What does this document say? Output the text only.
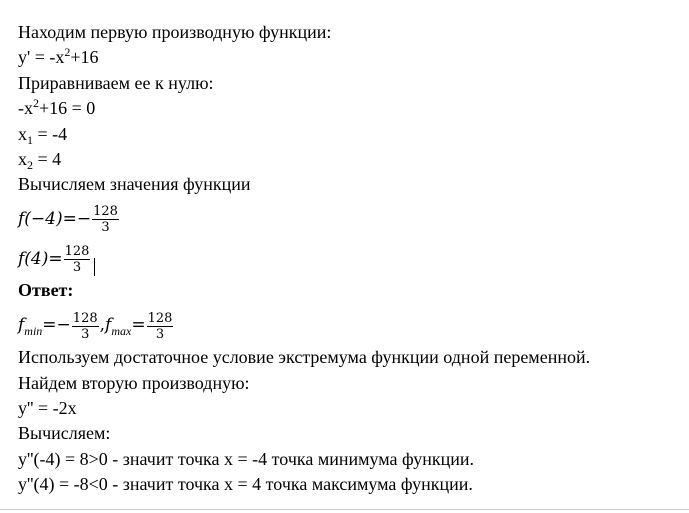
Находим первую производную функции:
$y' = -x^2+16$
Приравниваем ее к нулю:
$-x^2+16 = 0$
$x_1 = -4$
$x_2 = 4$
Вычисляем значения функции
$f(-4)=- \frac{128}{3}$
$f(4)= \frac{128}{3}$
Ответ:
$f_{min}=- \frac{128}{3} ,f_{max}= \frac{128}{3}$
Используем достаточное условие экстремума функции одной переменной.
Найдем вторую производную:
y'' = -2x
Вычисляем:
y''(-4) = 8>0 - значит точка x = -4 точка минимума функции.
y''(4) = -8<0 - значит точка x = 4 точка максимума функции.
